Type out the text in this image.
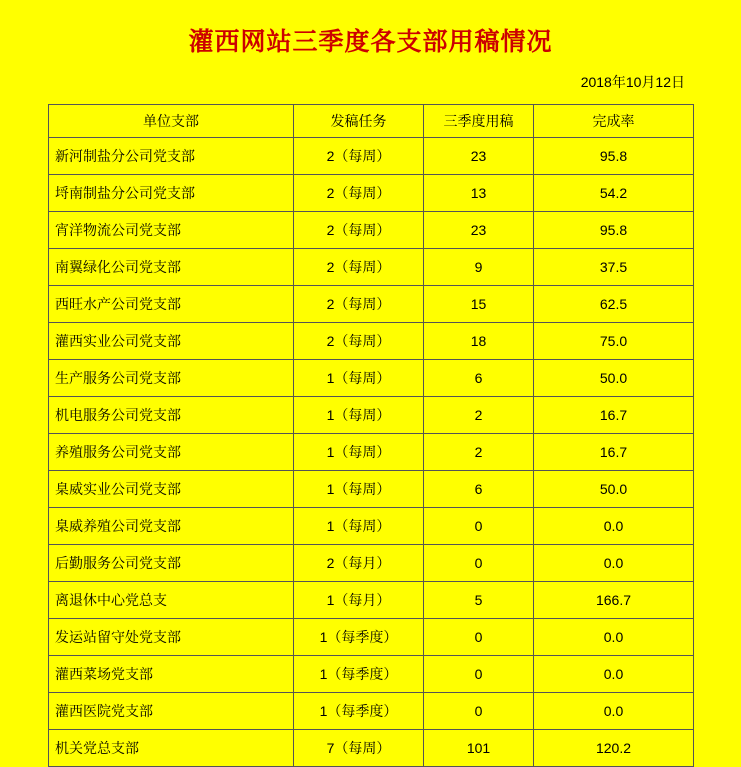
灌西网站三季度各支部用稿情况
2018年10月12日
单位支部	发稿任务	三季度用稿	完成率
新河制盐分公司党支部	2（每周）	23	95.8
埒南制盐分公司党支部	2（每周）	13	54.2
宵洋物流公司党支部	2（每周）	23	95.8
南翼绿化公司党支部	2（每周）	9	37.5
西旺水产公司党支部	2（每周）	15	62.5
灌西实业公司党支部	2（每周）	18	75.0
生产服务公司党支部	1（每周）	6	50.0
机电服务公司党支部	1（每周）	2	16.7
养殖服务公司党支部	1（每周）	2	16.7
臬威实业公司党支部	1（每周）	6	50.0
臬威养殖公司党支部	1（每周）	0	0.0
后勤服务公司党支部	2（每月）	0	0.0
离退休中心党总支	1（每月）	5	166.7
发运站留守处党支部	1（每季度）	0	0.0
灌西菜场党支部	1（每季度）	0	0.0
灌西医院党支部	1（每季度）	0	0.0
机关党总支部	7（每周）	101	120.2
